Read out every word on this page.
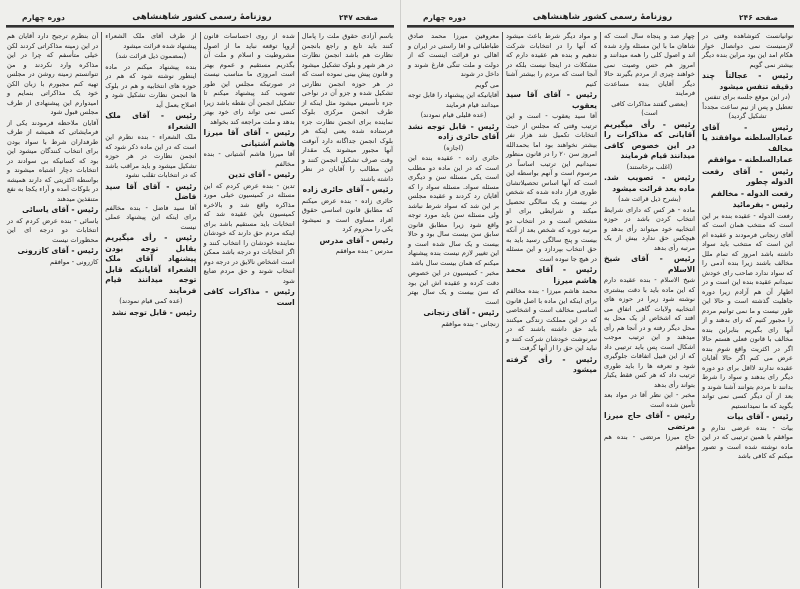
صفحه ۲۴۶
روزنامهٔ رسمی کشور شاهنشاهی
دوره چهارم

نوانیانست کتوشاهده وقتی در لازمنیست نمی دوانصال خوار هکام امد این بود مراین بنده دیگر بیشتر نمی گویم

رئیس - عجالتاً چند دقیقه تنفس میشود

(در این موقع جلسه برای تنفس تعطیل و پس از نیم ساعت مجدداً تشکیل گردید)

رئیس - آقای عمادالسلطنه موافقند یا مخالف

عمادالسلطنه - موافقم

رئیس - آقای رفعت الدوله چطور

رفعت الدوله - مخالفم

رئیس - بفرمائید

رفعت الدوله - عقیده بنده بر این است که منتخب همان است که آقای زنجانی فرمودند و عقیده ام این است که منتخب باید سواد داشته باشد امروز که تمام ملل مخالف باشند زیرا بنده آدمی را که سواد ندارد صاحب رای خودش نمیدانم عقیده بنده این است و در اظهار آن هم آزادم زیرا دوره جاهلیت گذشته است و حالا این طور نیست و ما نمی توانیم مردم را مجبور کنیم که رای بدهند و از آنها رای بگیریم بنابراین بنده مخالف با قانون فعلی هستم حالا اگر در اکثریت واقع شوم بنده عرض می کنم اگر حالا آقایان عقیده ندارند لااقل برای دو دوره دیگر رای بدهند و سواد را شرط بدانند تا مردم بتوانند آشنا شوند و بعد از آن دیگر کسی نمی تواند بگوید که ما نمیدانستیم

رئیس - آقای بیات

بیات - بنده عرضی ندارم و موافقم با همین ترتیبی که در این ماده نوشته شده است و تصور میکنم که کافی باشد

چهار صد و پنجاه سال است که شاهان ما با این مسئله وارد شده اند و اصول کلی را همه میدانند و امروز هم حس وصیت نمی خواهند چیزی از مردم بگیرند حالا دیگر آقایان بنده مساعدت فرمایند

(بعضی گفتند مذاکرات کافی است)

رئیس - رأی میگیریم آقایانی که مذاکرات را در این خصوص کافی میدانند قیام فرمایند

(اغلب برخاستند)

رئیس - تصویب شد. ماده بعد قرائت میشود

(بشرح ذیل قرائت شد)

ماده - هر کس که دارای شرایط انتخاب کردن باشد در حوزه انتخابیه خود میتواند رأی بدهد و هیچکس حق ندارد بیش از یک مرتبه رأی بدهد

رئیس - آقای شیخ الاسلام

شیخ الاسلام - بنده عقیده دارم که این ماده باید با دقت بیشتری نوشته شود زیرا در حوزه های انتخابیه ولایات گاهی اتفاق می افتد که اشخاص از یک محل به محل دیگر رفته و در آنجا هم رأی میدهند و این ترتیب موجب اشکال است پس باید ترتیبی داد که از این قبیل اتفاقات جلوگیری شود و تعرفه ها را باید طوری ترتیب داد که هر کس فقط یکبار بتواند رأی بدهد

مخبر - این نظر آقا در مواد بعد تأمین شده است

رئیس - آقای حاج میرزا مرتضی

حاج میرزا مرتضی - بنده هم موافقم

و مواد دیگر شرط باعث میشود که آنها را در انتخابات شرکت ندهیم و بنده هم عقیده دارم که مشکلات در اینجا نیست بلکه در آنجا است که مردم را بیشتر آشنا کنیم

رئیس - آقای آقا سید یعقوب

آقا سید یعقوب - است و این ترتیب وقتی که مجلس از حیث انتخابات تکمیل شد هزار نفر بیشتر نخواهند بود اما بحمدالله امروز سن ۲۰ را در قانون منظور نمیدانیم این ترتیب اساساً در مرسوم است و آنهم بواسطه این است که آنها اساس تحصیلاتشان طوری قرار داده شده که شخص در بیست و یک سالگی تحصیل میکند و شرایطی برای او مشخص است و در انتخاب دو مرتبه دوره که شخص بعد از آنکه بیست و پنج سالگی رسید باید به حق انتخاب بپردازد و این مسئله در هیچ جا نبوده است

رئیس - آقای محمد هاشم میرزا

محمد هاشم میرزا - بنده مخالفم برای اینکه این ماده با اصل قانون اساسی مخالف است و اشخاصی که در این مملکت زندگی میکنند باید حق داشته باشند که در سرنوشت خودشان شرکت کنند و نباید این حق را از آنها گرفت

رئیس - رأی گرفته میشود

معروفین میرزا محمد صادق طباطبائی و اقا راستی در ایران و اهالی دو قرائت اینست که از دولت و ملت تنگی فارغ شوند و داخل در شوند

می گویم

آقایانیکه این پیشنهاد را قابل توجه میدانند قیام فرمایند

(عده قلیلی قیام نمودند)

رئیس - قابل توجه نشد آقای حائری زاده

(اجازه)

حائری زاده - عقیده بنده این است که در این ماده دو مطلب است یکی مسئله سن و دیگری مسئله سواد. مسئله سواد را که آقایان رد کردند و عقیده مجلس بر این شد که سواد شرط نباشد ولی مسئله سن باید مورد توجه واقع شود زیرا مطابق قانون سابق سن بیست سال بود و حالا بیست و یک سال شده است و این تغییر لازم نیست بنده پیشنهاد میکنم که همان بیست سال باشد

مخبر - کمیسیون در این خصوص دقت کرده و عقیده اش این بود که سن بیست و یک سال بهتر است

رئیس - آقای زنجانی

زنجانی - بنده موافقم

صفحه ۲۴۷
روزنامهٔ رسمی کشور شاهنشاهی
دوره چهارم

باسم آزادی حقوق ملت را پامال کنند باید تابع و راجع بانجمن نظارت هم باشد انجمن نظارت در هر شهر و بلوک تشکیل میشود و قانون پیش بینی نموده است که در هر حوزه انجمن نظارتی تشکیل شده و جزو آن در نواحی جزء تأسیس میشود مثل اینکه از طرف انجمن مرکزی بلوک نماینده برای انجمن نظارت جزء فرستاده شده یعنی اینکه هر بلوک انجمن جداگانه دارد آنوقت آنها مجبور میشوند یک مقدار وقت صرف تشکیل انجمن کنند و این مطالب را آقایان در نظر داشته باشند

رئیس - آقای حائری زاده

حائری زاده - بنده عرض میکنم که مطابق قانون اساسی حقوق افراد مساوی است و نمیشود یکی را محروم کرد

رئیس - آقای مدرس

مدرس - بنده موافقم

شده از روی احساسات قانون اروپا توقعه نباید ما از اصول مشروطیت و اسلام و ملت آن بگذریم مستقیم و عموم بهتر است امروزی ما مناسب نیست در صورتیکه مجلس این طور تصویب کند پیشنهاد میکنم تا تشکیل انجمن آن نقطه باشد زیرا کسی نمی تواند رای خود بهتر بدهد و ملت مراجعه کند بخواهد

رئیس - آقای آقا میرزا هاشم آشتیانی

آقا میرزا هاشم آشتیانی - بنده مخالفم

رئیس - آقای تدین

تدین - بنده عرض کردم که این مسئله در کمیسیون خیلی مورد مذاکره واقع شد و بالاخره کمیسیون باین عقیده شد که انتخابات باید مستقیم باشد برای اینکه مردم حق دارند که خودشان نماینده خودشان را انتخاب کنند و اگر انتخابات دو درجه باشد ممکن است اشخاص نالایق در درجه دوم انتخاب شوند و حق مردم ضایع شود

رئیس - مذاکرات کافی است

از طرف آقای ملک الشعراء پیشنهاد شده قرائت میشود

(بمضمون ذیل قرائت شد)

بنده پیشنهاد میکنم در ماده اینطور نوشته شود که هم در حوزه های انتخابیه و هم در بلوک ها انجمن نظارت تشکیل شود و اصلاح بعمل آید

رئیس - آقای ملک الشعراء

ملک الشعراء - بنده نظرم این است که در این ماده ذکر شود که انجمن نظارت در هر حوزه تشکیل میشود و باید مراقب باشد که در انتخابات تقلب نشود

رئیس - آقای آقا سید فاضل

آقا سید فاضل - بنده مخالفم برای اینکه این پیشنهاد عملی نیست

رئیس - رأی میگیریم بقابل توجه بودن پیشنهاد آقای ملک الشعراء آقایانیکه قابل توجه میدانند قیام فرمایند

(عده کمی قیام نمودند)

رئیس - قابل توجه نشد

آن بنظرم ترجیح دارد آقایان هم در این زمینه مذاکراتی کردند لکن خیلی متأسفم که چرا در این مذاکره وارد نکردند و من تنوانستم زمینه روشن در مجلس تهیه کنم مجبورم با زبان الکن خود یک مذاکراتی بنمایم و امیدوارم این پیشنهادی از طرف مجلس قبول شود

آقایان ملاحظه فرمودند یکی از فرمایشاتی که همیشه از طرف طرفداران شرط با سواد بودن برای انتخاب کنندگان میشود این بود که کسانیکه بی سوادند در انتخابات دچار اشتباه میشوند و بواسطه اکثریتی که دارند همیشه در بلوکات آمده و آراء یکجا به نفع متنفذین میدهند

رئیس - آقای یاسائی

یاسائی - بنده عرض کردم که در انتخابات دو درجه ای این محظورات نیست

رئیس - آقای کازرونی

کازرونی - موافقم
